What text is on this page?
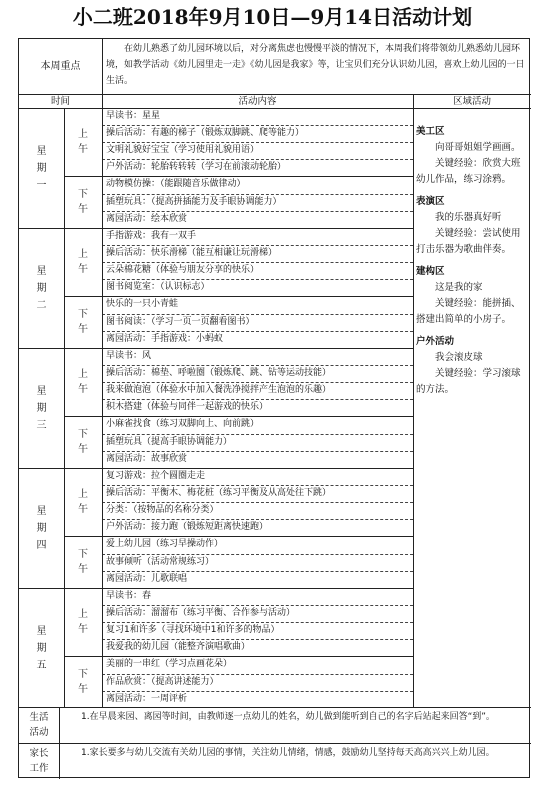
小二班2018年9月10日—9月14日活动计划
本周重点
在幼儿熟悉了幼儿园环境以后，对分离焦虑也慢慢平淡的情况下，本周我们将带领幼儿熟悉幼儿园环境，如教学活动《幼儿园里走一走》《幼儿园是我家》等，让宝贝们充分认识幼儿园，喜欢上幼儿园的一日生活。
时间	活动内容	区域活动
星
期
一
上
午
下
午
早读书：星星
操后活动：有趣的梯子（锻炼双脚跳、爬等能力）
文明礼貌好宝宝（学习使用礼貌用语）
户外活动：轮胎转转转（学习在前滚动轮胎）
动物模仿操：（能跟随音乐做律动）
插塑玩具：（提高拼插能力及手眼协调能力）
离园活动：绘本欣赏
星
期
二
上
午
下
午
手指游戏：我有一双手
操后活动：快乐滑梯（能互相谦让玩滑梯）
云朵棉花糖（体验与朋友分享的快乐）
图书阅览室：（认识标志）
快乐的一只小青蛙
图书阅读：（学习一页一页翻看图书）
离园活动：手指游戏：小蚂蚁
星
期
三
上
午
下
午
早读书：风
操后活动：棉垫、呼啦圈（锻炼爬、跳、钻等运动技能）
我来做泡泡（体验水中加入餐洗净搅拌产生泡泡的乐趣）
积木搭建（体验与同伴一起游戏的快乐）
小麻雀找食（练习双脚向上、向前跳）
插塑玩具（提高手眼协调能力）
离园活动：故事欣赏
星
期
四
上
午
下
午
复习游戏：拉个圆圈走走
操后活动：平衡木、梅花桩（练习平衡及从高处往下跳）
分类：（按物品的名称分类）
户外活动：接力跑（锻炼短距离快速跑）
爱上幼儿园（练习早操动作）
故事倾听（活动常规练习）
离园活动：儿歌联唱
星
期
五
上
午
下
午
早读书：春
操后活动：溜溜布（练习平衡、合作参与活动）
复习1和许多（寻找环境中1和许多的物品）
我爱我的幼儿园（能整齐演唱歌曲）
美丽的一串红（学习点画花朵）
作品欣赏：（提高讲述能力）
离园活动：一周评析
美工区
向哥哥姐姐学画画。
关键经验：欣赏大班幼儿作品，练习涂鸦。
表演区
我的乐器真好听
关键经验：尝试使用打击乐器为歌曲伴奏。
建构区
这是我的家
关键经验：能拼插、搭建出简单的小房子。
户外活动
我会滚皮球
关键经验：学习滚球的方法。
生活活动
1.在早晨来园、离园等时间，由教师逐一点幼儿的姓名，幼儿做到能听到自己的名字后站起来回答“到”。
家长工作
1.家长要多与幼儿交流有关幼儿园的事情，关注幼儿情绪，情感，鼓励幼儿坚持每天高高兴兴上幼儿园。
